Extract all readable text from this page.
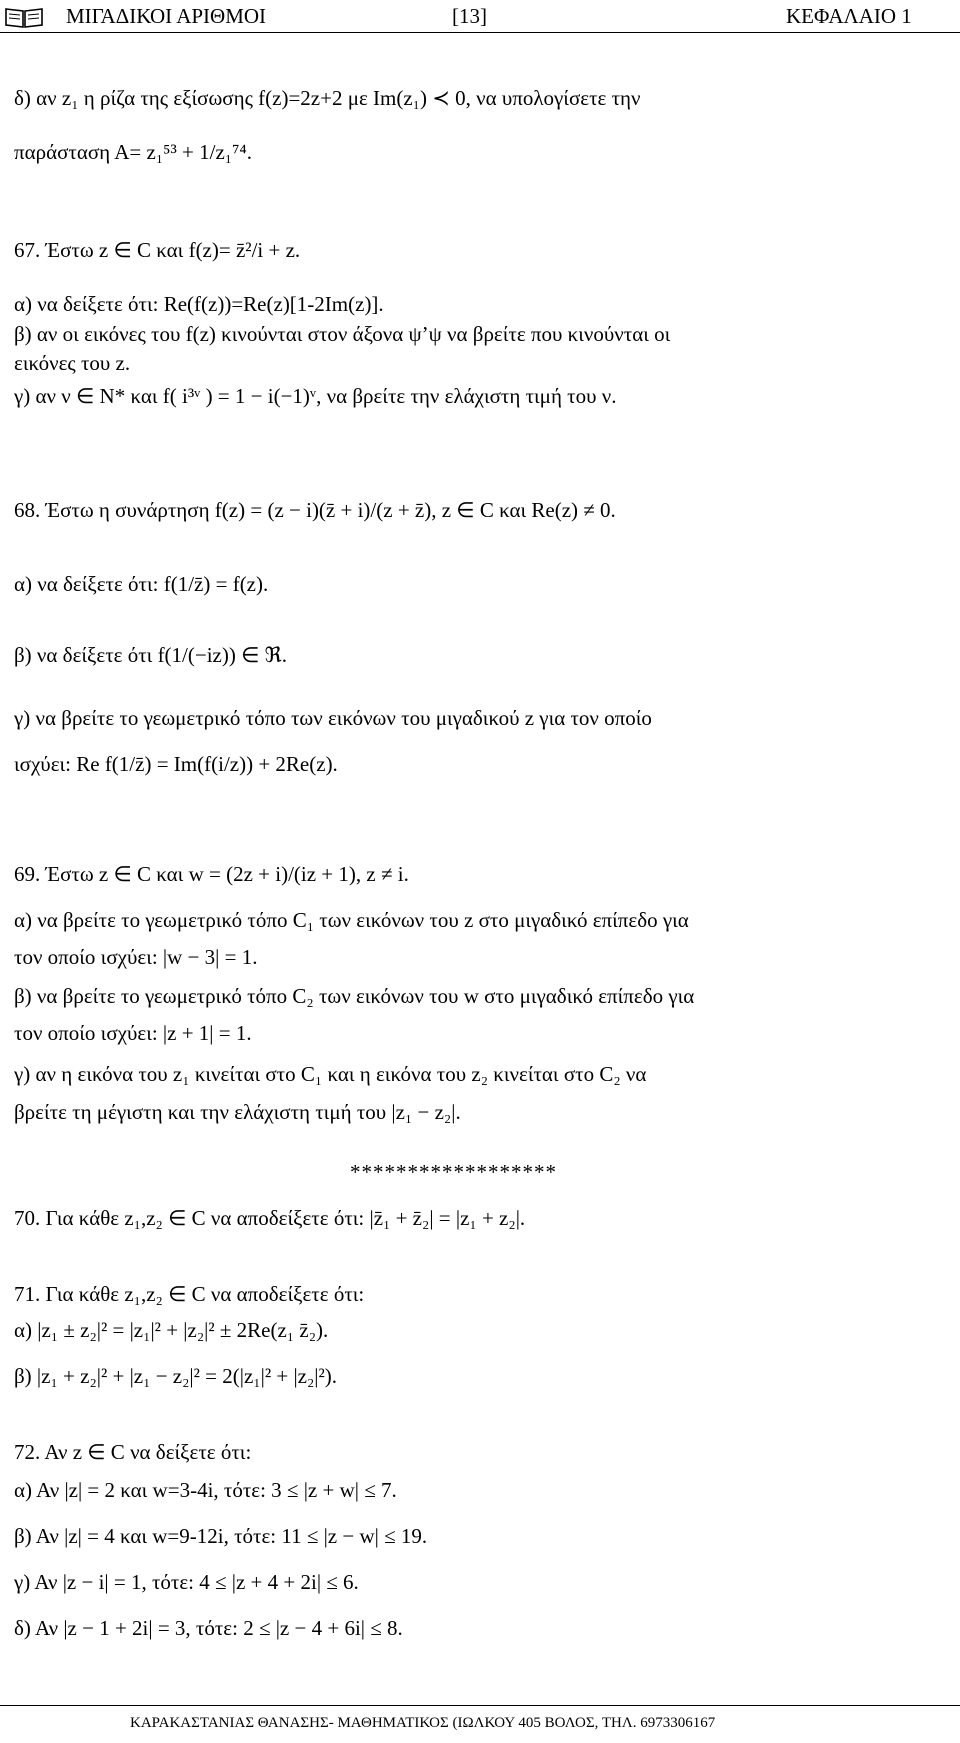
ΜΙΓΑΔΙΚΟΙ ΑΡΙΘΜΟΙ	[13]	ΚΕΦΑΛΑΙΟ 1
δ) αν z₁ η ρίζα της εξίσωσης f(z)=2z+2 με Im(z₁) ≺ 0, να υπολογίσετε την
παράσταση Α= z₁⁵³ + 1/z₁⁷⁴.
67. Έστω z ∈ C και f(z)= z̄²/i + z.
α) να δείξετε ότι: Re(f(z))=Re(z)[1-2Im(z)].
β) αν οι εικόνες του f(z) κινούνται στον άξονα ψ’ψ να βρείτε που κινούνται οι
εικόνες του z.
γ) αν ν ∈ N* και f( i³ᵛ ) = 1 − i(−1)ᵛ, να βρείτε την ελάχιστη τιμή του ν.
68. Έστω η συνάρτηση f(z) = (z − i)(z̄ + i)/(z + z̄), z ∈ C και Re(z) ≠ 0.
α) να δείξετε ότι: f(1/z̄) = f(z).
β) να δείξετε ότι f(1/(−iz)) ∈ ℜ.
γ) να βρείτε το γεωμετρικό τόπο των εικόνων του μιγαδικού z για τον οποίο
ισχύει: Re f(1/z̄) = Im(f(i/z)) + 2Re(z).
69. Έστω z ∈ C και w = (2z + i)/(iz + 1), z ≠ i.
α) να βρείτε το γεωμετρικό τόπο C₁ των εικόνων του z στο μιγαδικό επίπεδο για
τον οποίο ισχύει: |w − 3| = 1.
β) να βρείτε το γεωμετρικό τόπο C₂ των εικόνων του w στο μιγαδικό επίπεδο για
τον οποίο ισχύει: |z + 1| = 1.
γ) αν η εικόνα του z₁ κινείται στο C₁ και η εικόνα του z₂ κινείται στο C₂ να
βρείτε τη μέγιστη και την ελάχιστη τιμή του |z₁ − z₂|.
******************
70. Για κάθε z₁,z₂ ∈ C να αποδείξετε ότι: |z̄₁ + z̄₂| = |z₁ + z₂|.
71. Για κάθε z₁,z₂ ∈ C να αποδείξετε ότι:
α) |z₁ ± z₂|² = |z₁|² + |z₂|² ± 2Re(z₁ z̄₂).
β) |z₁ + z₂|² + |z₁ − z₂|² = 2(|z₁|² + |z₂|²).
72. Αν z ∈ C να δείξετε ότι:
α) Αν |z| = 2 και w=3-4i, τότε: 3 ≤ |z + w| ≤ 7.
β) Αν |z| = 4 και w=9-12i, τότε: 11 ≤ |z − w| ≤ 19.
γ) Αν |z − i| = 1, τότε: 4 ≤ |z + 4 + 2i| ≤ 6.
δ) Αν |z − 1 + 2i| = 3, τότε: 2 ≤ |z − 4 + 6i| ≤ 8.
ΚΑΡΑΚΑΣΤΑΝΙΑΣ ΘΑΝΑΣΗΣ- ΜΑΘΗΜΑΤΙΚΟΣ (ΙΩΛΚΟΥ 405 ΒΟΛΟΣ, ΤΗΛ. 6973306167
